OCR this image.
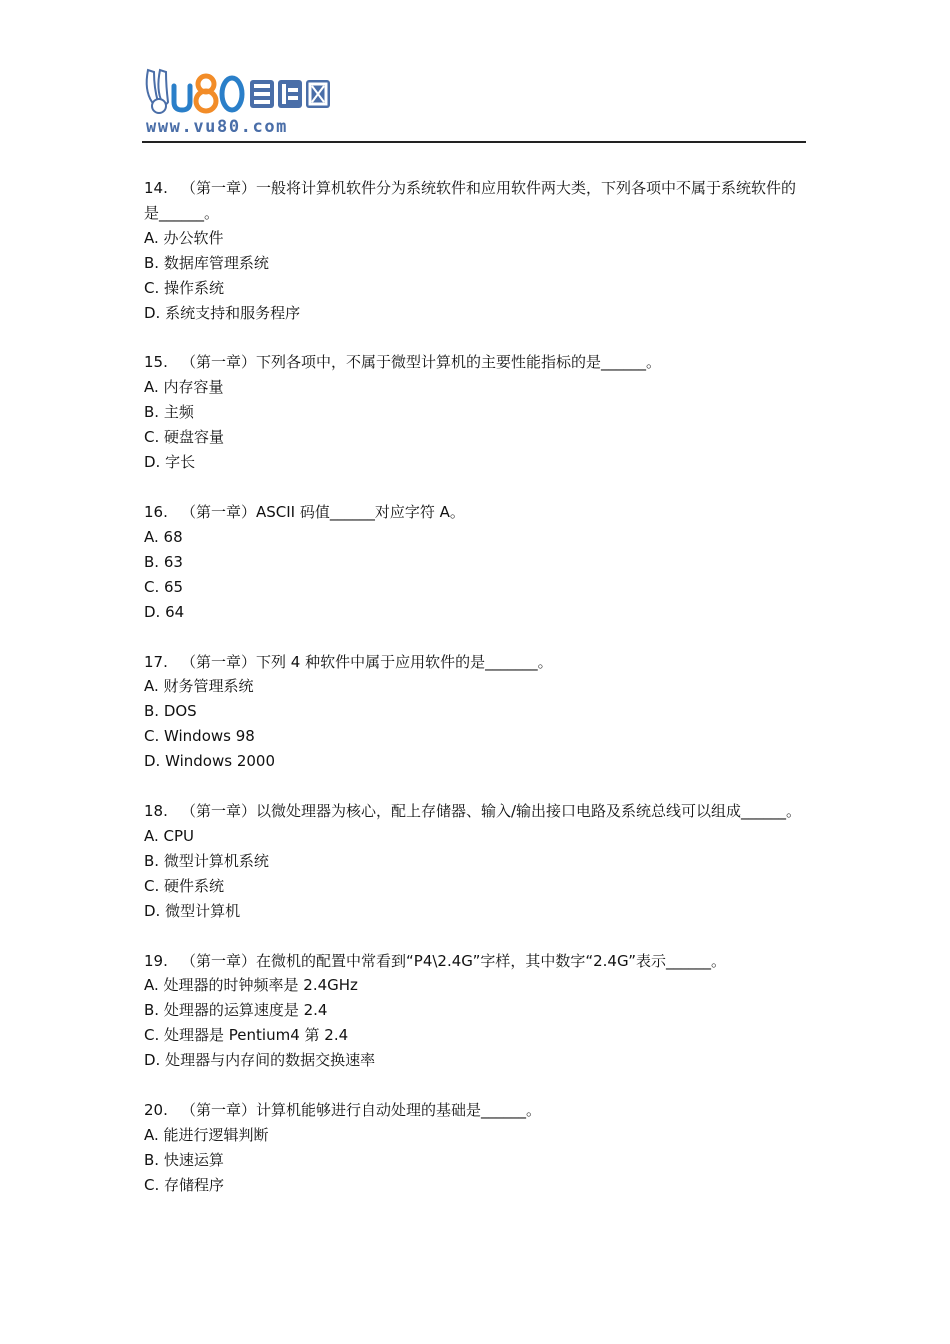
www.vu80.com
14. （第一章）一般将计算机软件分为系统软件和应用软件两大类，下列各项中不属于系统软件的是______。
A. 办公软件
B. 数据库管理系统
C. 操作系统
D. 系统支持和服务程序
15. （第一章）下列各项中，不属于微型计算机的主要性能指标的是______。
A. 内存容量
B. 主频
C. 硬盘容量
D. 字长
16. （第一章）ASCII 码值______对应字符 A。
A. 68
B. 63
C. 65
D. 64
17. （第一章）下列 4 种软件中属于应用软件的是_______。
A. 财务管理系统
B. DOS
C. Windows 98
D. Windows 2000
18. （第一章）以微处理器为核心，配上存储器、输入/输出接口电路及系统总线可以组成______。
A. CPU
B. 微型计算机系统
C. 硬件系统
D. 微型计算机
19. （第一章）在微机的配置中常看到“P4\2.4G”字样，其中数字“2.4G”表示______。
A. 处理器的时钟频率是 2.4GHz
B. 处理器的运算速度是 2.4
C. 处理器是 Pentium4 第 2.4
D. 处理器与内存间的数据交换速率
20. （第一章）计算机能够进行自动处理的基础是______。
A. 能进行逻辑判断
B. 快速运算
C. 存储程序
